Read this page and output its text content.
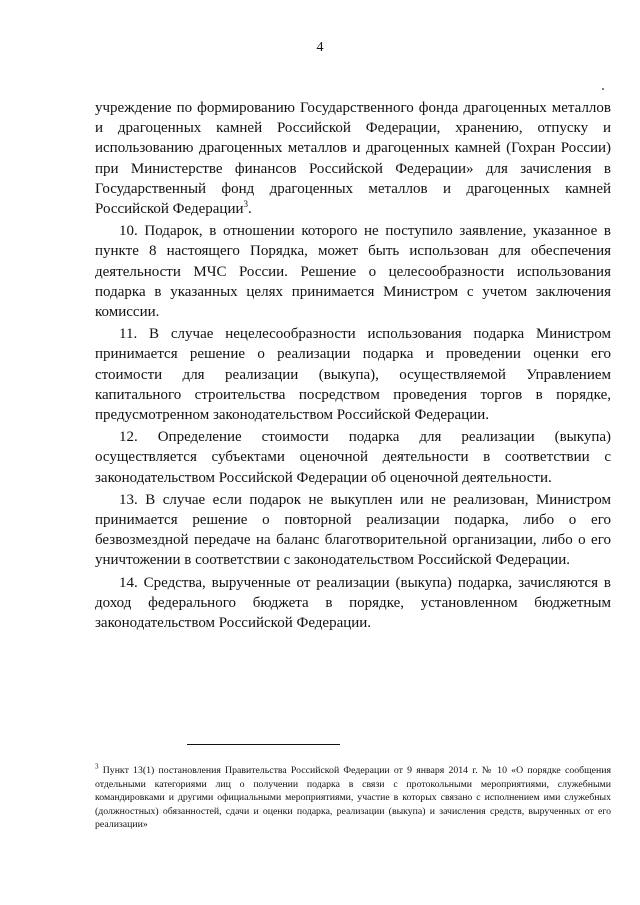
4

учреждение по формированию Государственного фонда драгоценных металлов и драгоценных камней Российской Федерации, хранению, отпуску и использованию драгоценных металлов и драгоценных камней (Гохран России) при Министерстве финансов Российской Федерации» для зачисления в Государственный фонд драгоценных металлов и драгоценных камней Российской Федерации$^3$.

10. Подарок, в отношении которого не поступило заявление, указанное в пункте 8 настоящего Порядка, может быть использован для обеспечения деятельности МЧС России. Решение о целесообразности использования подарка в указанных целях принимается Министром с учетом заключения комиссии.

11. В случае нецелесообразности использования подарка Министром принимается решение о реализации подарка и проведении оценки его стоимости для реализации (выкупа), осуществляемой Управлением капитального строительства посредством проведения торгов в порядке, предусмотренном законодательством Российской Федерации.

12. Определение стоимости подарка для реализации (выкупа) осуществляется субъектами оценочной деятельности в соответствии с законодательством Российской Федерации об оценочной деятельности.

13. В случае если подарок не выкуплен или не реализован, Министром принимается решение о повторной реализации подарка, либо о его безвозмездной передаче на баланс благотворительной организации, либо о его уничтожении в соответствии с законодательством Российской Федерации.

14. Средства, вырученные от реализации (выкупа) подарка, зачисляются в доход федерального бюджета в порядке, установленном бюджетным законодательством Российской Федерации.

$^3$ Пункт 13(1) постановления Правительства Российской Федерации от 9 января 2014 г. № 10 «О порядке сообщения отдельными категориями лиц о получении подарка в связи с протокольными мероприятиями, служебными командировками и другими официальными мероприятиями, участие в которых связано с исполнением ими служебных (должностных) обязанностей, сдачи и оценки подарка, реализации (выкупа) и зачисления средств, вырученных от его реализации»
